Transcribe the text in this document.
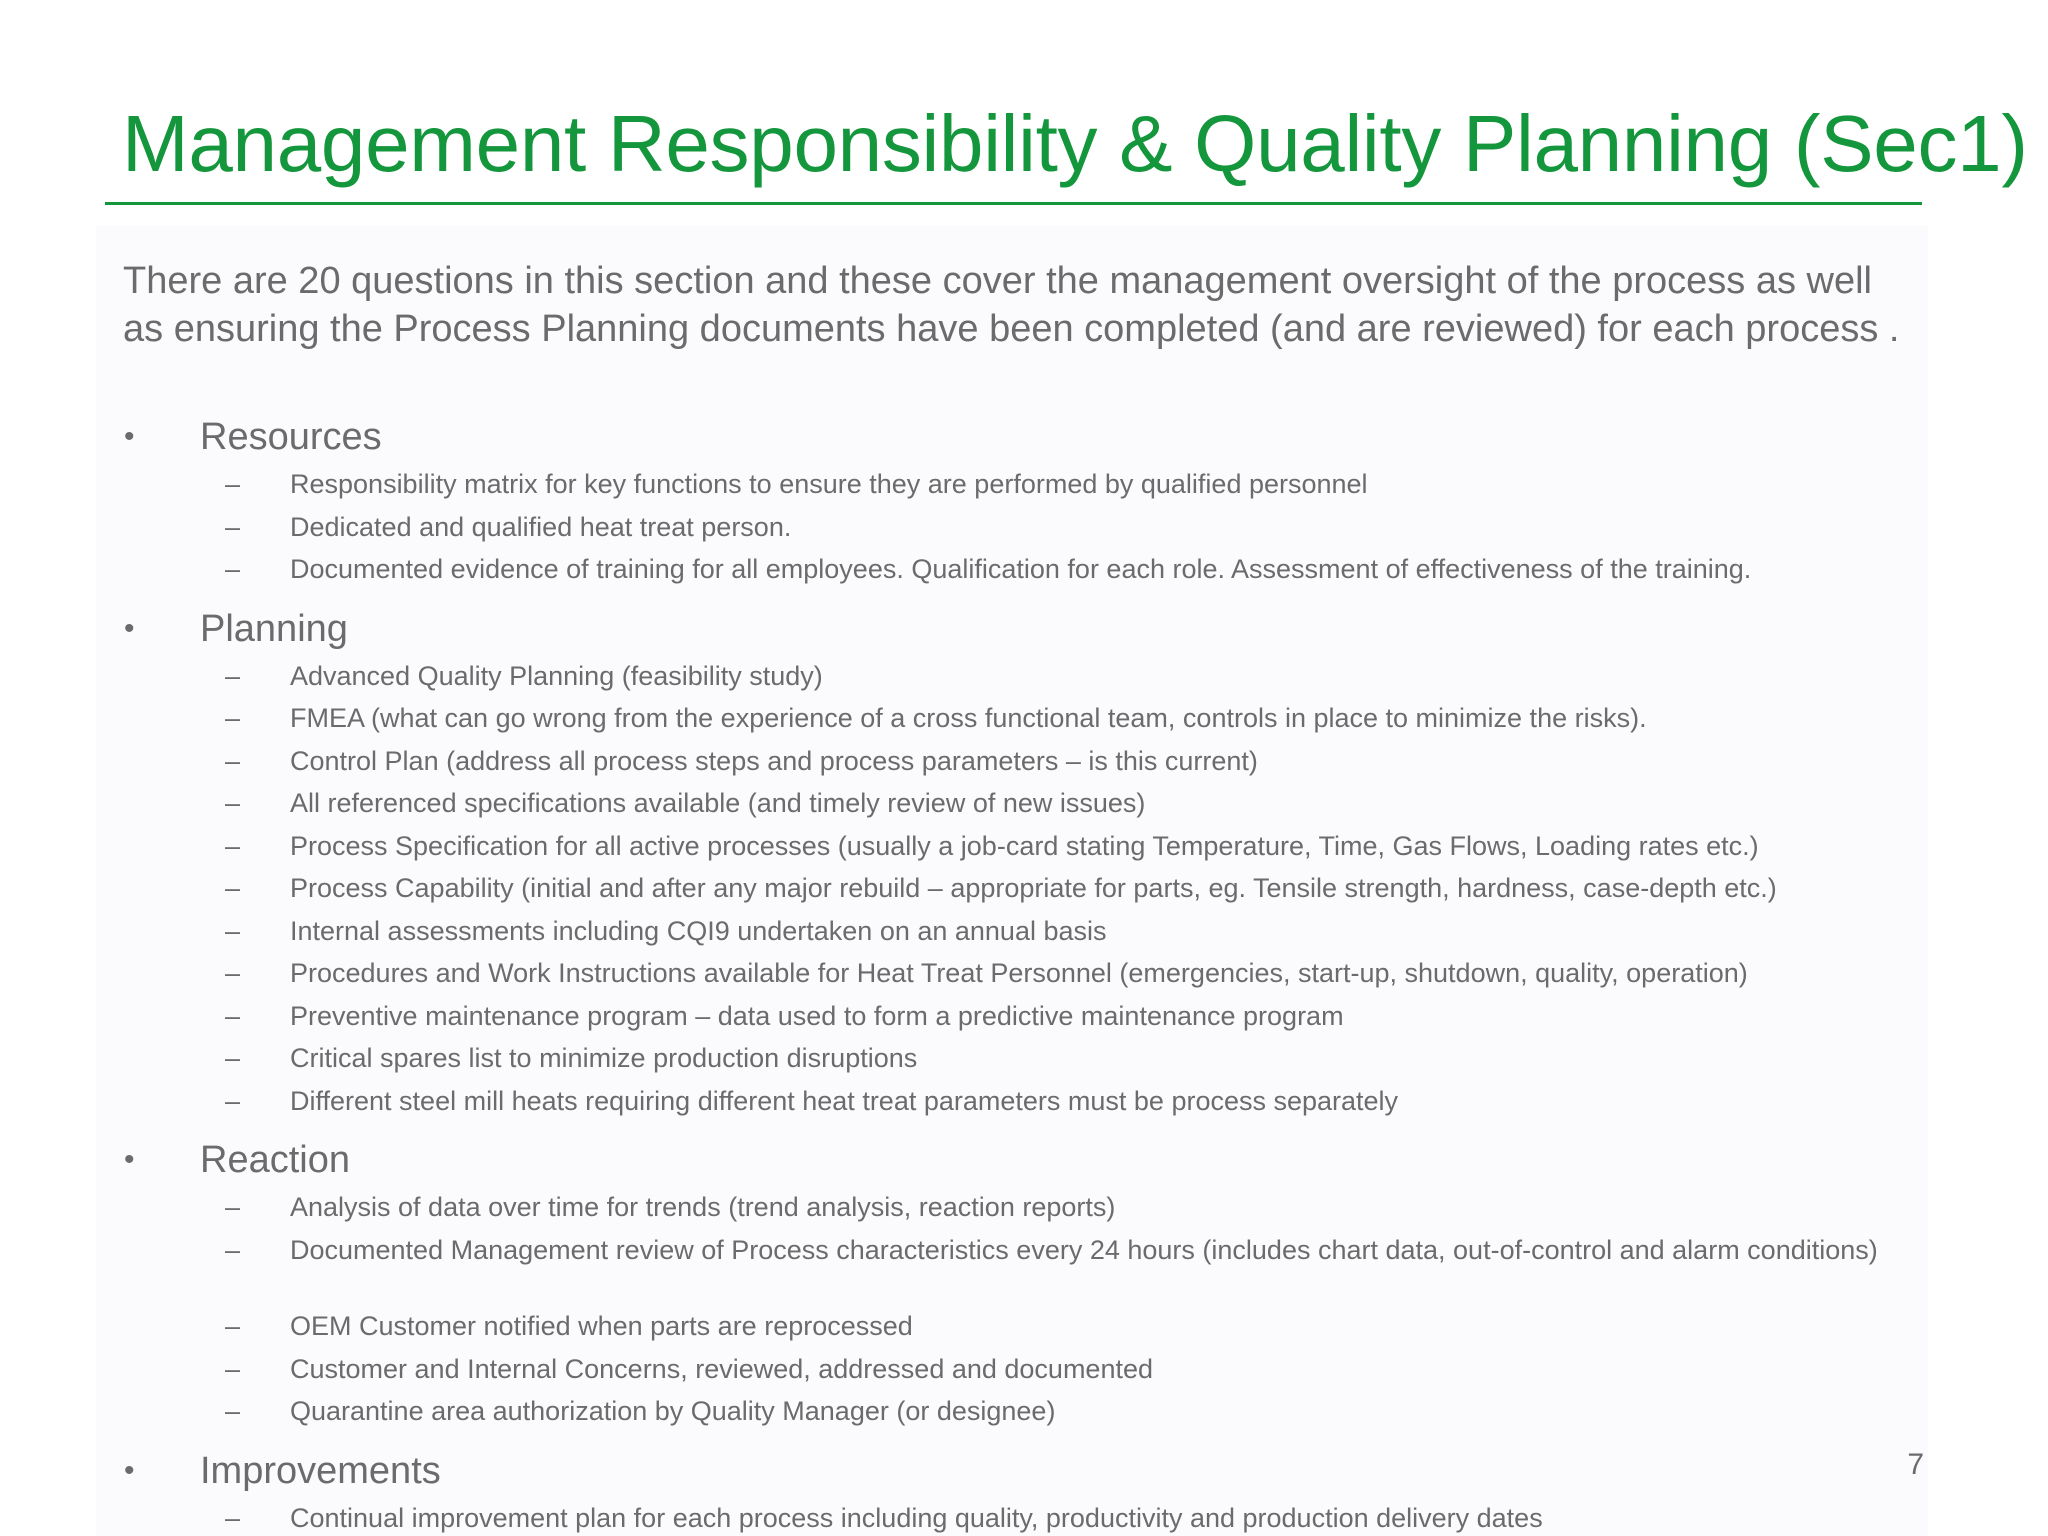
Management Responsibility & Quality Planning (Sec1)

There are 20 questions in this section and these cover the management oversight of the process as well as ensuring the Process Planning documents have been completed (and are reviewed) for each process .

• Resources
– Responsibility matrix for key functions to ensure they are performed by qualified personnel
– Dedicated and qualified heat treat person.
– Documented evidence of training for all employees. Qualification for each role. Assessment of effectiveness of the training.
• Planning
– Advanced Quality Planning (feasibility study)
– FMEA (what can go wrong from the experience of a cross functional team, controls in place to minimize the risks).
– Control Plan (address all process steps and process parameters – is this current)
– All referenced specifications available (and timely review of new issues)
– Process Specification for all active processes (usually a job-card stating Temperature, Time, Gas Flows, Loading rates etc.)
– Process Capability (initial and after any major rebuild – appropriate for parts, eg. Tensile strength, hardness, case-depth etc.)
– Internal assessments including CQI9 undertaken on an annual basis
– Procedures and Work Instructions available for Heat Treat Personnel (emergencies, start-up, shutdown, quality, operation)
– Preventive maintenance program – data used to form a predictive maintenance program
– Critical spares list to minimize production disruptions
– Different steel mill heats requiring different heat treat parameters must be process separately
• Reaction
– Analysis of data over time for trends (trend analysis, reaction reports)
– Documented Management review of Process characteristics every 24 hours (includes chart data, out-of-control and alarm conditions)
– OEM Customer notified when parts are reprocessed
– Customer and Internal Concerns, reviewed, addressed and documented
– Quarantine area authorization by Quality Manager (or designee)
• Improvements
– Continual improvement plan for each process including quality, productivity and production delivery dates
7
